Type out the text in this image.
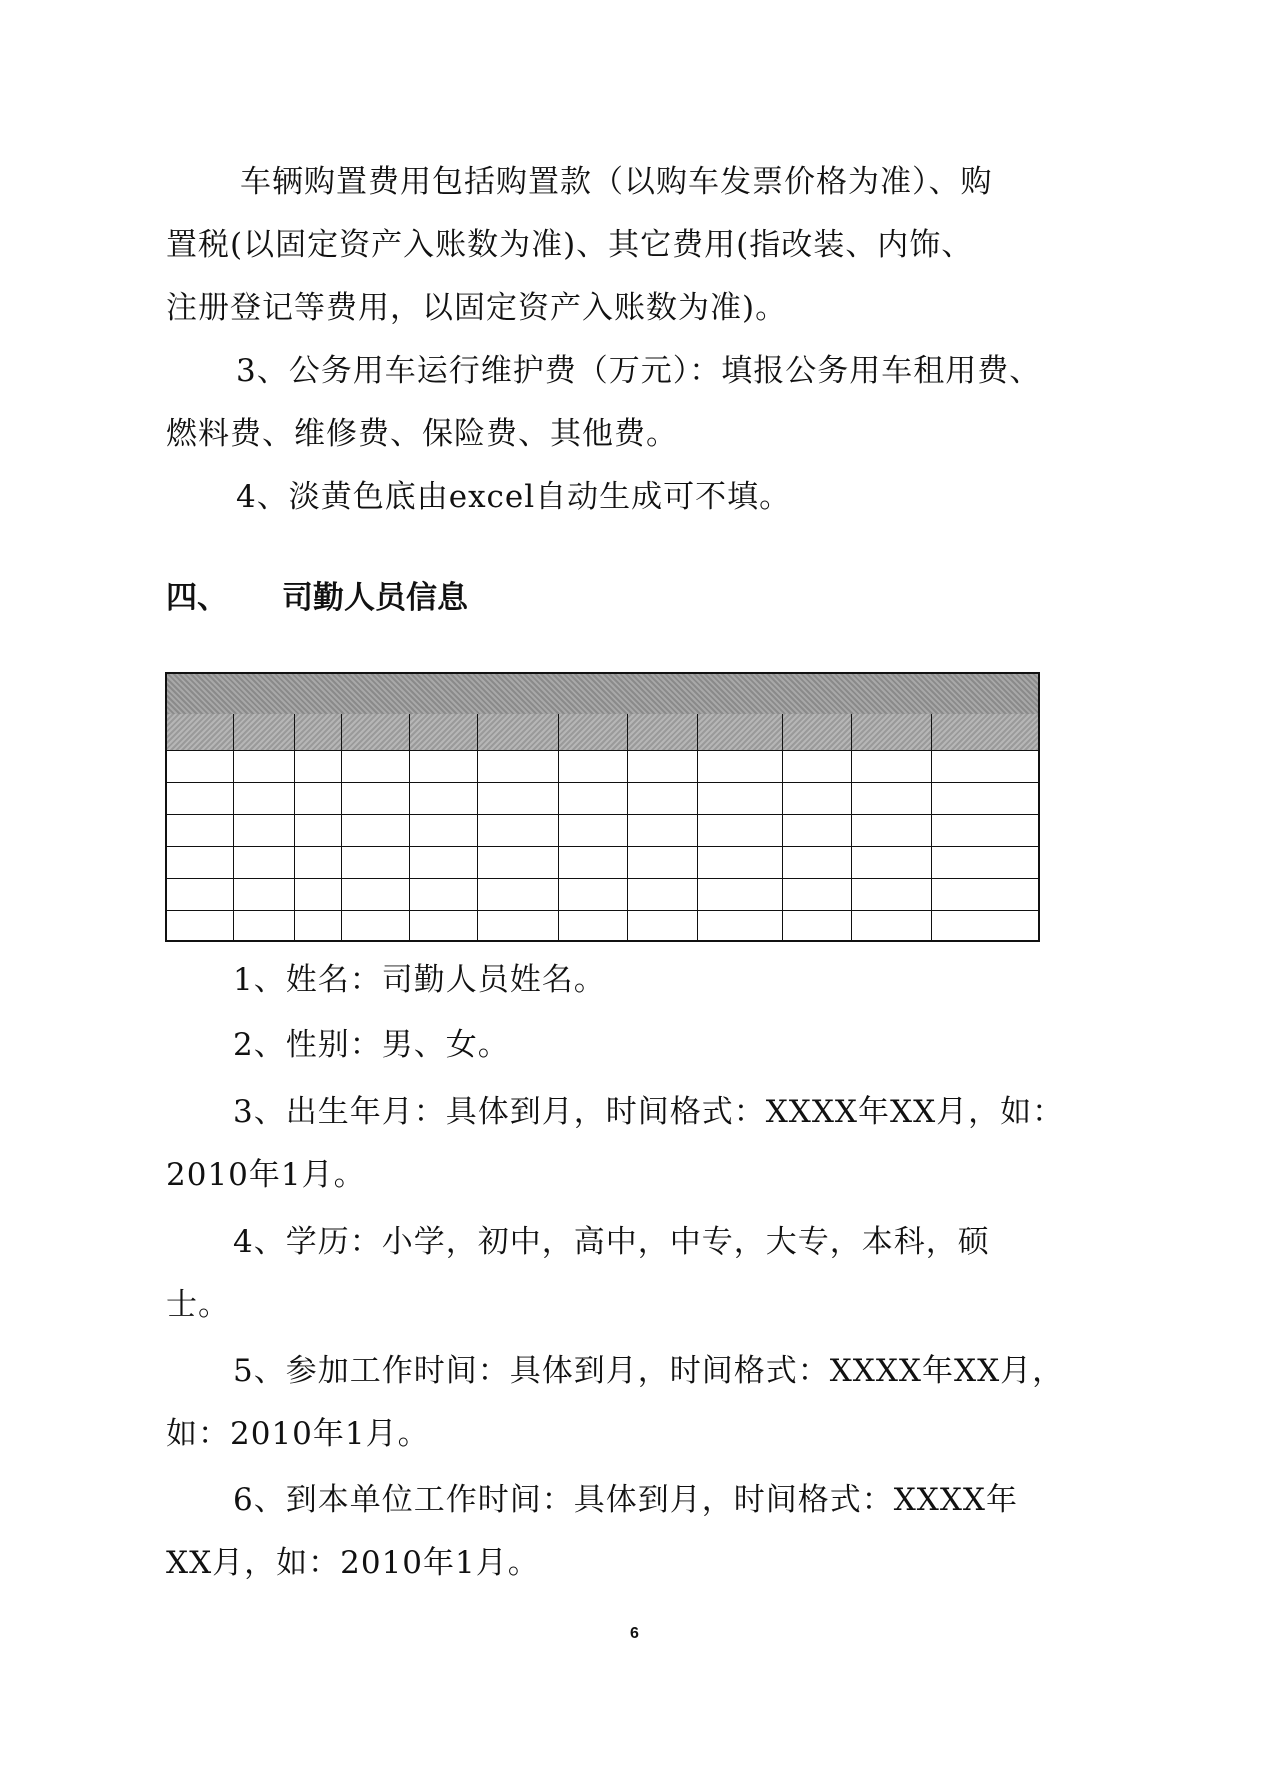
车辆购置费用包括购置款（以购车发票价格为准）、购
置税(以固定资产入账数为准)、其它费用(指改装、内饰、
注册登记等费用，以固定资产入账数为准)。
3、公务用车运行维护费（万元）：填报公务用车租用费、
燃料费、维修费、保险费、其他费。
4、淡黄色底由excel自动生成可不填。
四、 司勤人员信息
1、姓名：司勤人员姓名。
2、性别：男、女。
3、出生年月：具体到月，时间格式：XXXX年XX月，如：
2010年1月。
4、学历：小学，初中，高中，中专，大专，本科，硕
士。
5、参加工作时间：具体到月，时间格式：XXXX年XX月，
如：2010年1月。
6、到本单位工作时间：具体到月，时间格式：XXXX年
XX月，如：2010年1月。
6
